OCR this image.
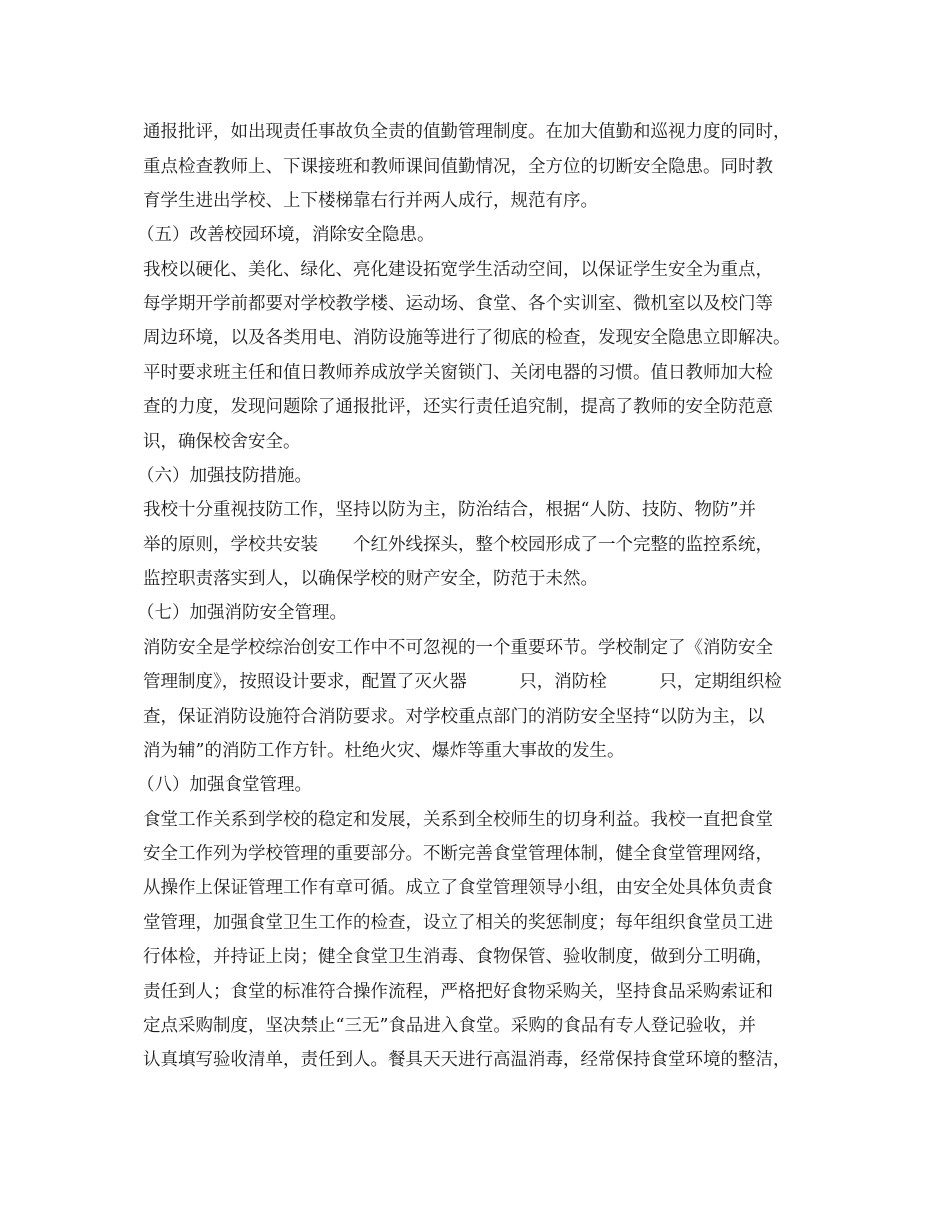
通报批评，如出现责任事故负全责的值勤管理制度。在加大值勤和巡视力度的同时，
重点检查教师上、下课接班和教师课间值勤情况，全方位的切断安全隐患。同时教
育学生进出学校、上下楼梯靠右行并两人成行，规范有序。
（五）改善校园环境，消除安全隐患。
我校以硬化、美化、绿化、亮化建设拓宽学生活动空间，以保证学生安全为重点，
每学期开学前都要对学校教学楼、运动场、食堂、各个实训室、微机室以及校门等
周边环境，以及各类用电、消防设施等进行了彻底的检查，发现安全隐患立即解决。
平时要求班主任和值日教师养成放学关窗锁门、关闭电器的习惯。值日教师加大检
查的力度，发现问题除了通报批评，还实行责任追究制，提高了教师的安全防范意
识，确保校舍安全。
（六）加强技防措施。
我校十分重视技防工作，坚持以防为主，防治结合，根据“人防、技防、物防”并
举的原则，学校共安装　　个红外线探头，整个校园形成了一个完整的监控系统，
监控职责落实到人，以确保学校的财产安全，防范于未然。
（七）加强消防安全管理。
消防安全是学校综治创安工作中不可忽视的一个重要环节。学校制定了《消防安全
管理制度》，按照设计要求，配置了灭火器　　　只，消防栓　　　只，定期组织检
查，保证消防设施符合消防要求。对学校重点部门的消防安全坚持“以防为主，以
消为辅”的消防工作方针。杜绝火灾、爆炸等重大事故的发生。
（八）加强食堂管理。
食堂工作关系到学校的稳定和发展，关系到全校师生的切身利益。我校一直把食堂
安全工作列为学校管理的重要部分。不断完善食堂管理体制，健全食堂管理网络，
从操作上保证管理工作有章可循。成立了食堂管理领导小组，由安全处具体负责食
堂管理，加强食堂卫生工作的检查，设立了相关的奖惩制度；每年组织食堂员工进
行体检，并持证上岗；健全食堂卫生消毒、食物保管、验收制度，做到分工明确，
责任到人；食堂的标准符合操作流程，严格把好食物采购关，坚持食品采购索证和
定点采购制度，坚决禁止“三无”食品进入食堂。采购的食品有专人登记验收，并
认真填写验收清单，责任到人。餐具天天进行高温消毒，经常保持食堂环境的整洁，
